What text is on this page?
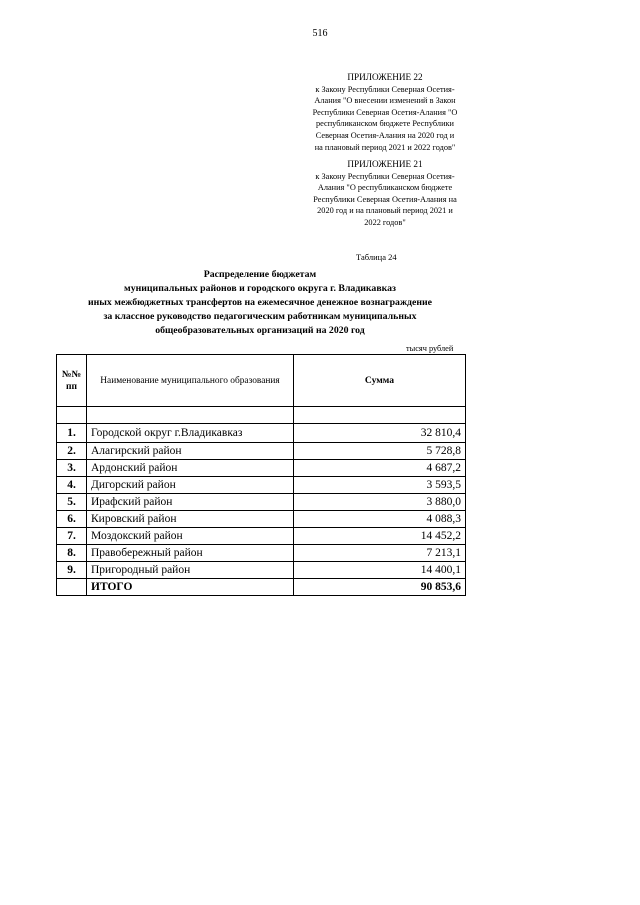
516
ПРИЛОЖЕНИЕ 22
к Закону Республики Северная Осетия-
Алания "О внесении изменений в Закон
Республики Северная Осетия-Алания "О
республиканском бюджете Республики
Северная Осетия-Алания на 2020 год и
на плановый период 2021 и 2022 годов"
ПРИЛОЖЕНИЕ 21
к Закону Республики Северная Осетия-
Алания "О республиканском бюджете
Республики Северная Осетия-Алания на
2020 год и на плановый период 2021 и
2022 годов"
Таблица 24
Распределение бюджетам
муниципальных районов и городского округа г. Владикавказ
иных межбюджетных трансфертов на ежемесячное денежное вознаграждение
за классное руководство педагогическим работникам муниципальных
общеобразовательных организаций на 2020 год
тысяч рублей
№№ пп	Наименование муниципального образования	Сумма

1.	Городской округ г.Владикавказ	32 810,4
2.	Алагирский район	5 728,8
3.	Ардонский район	4 687,2
4.	Дигорский район	3 593,5
5.	Ирафский район	3 880,0
6.	Кировский район	4 088,3
7.	Моздокский район	14 452,2
8.	Правобережный район	7 213,1
9.	Пригородный район	14 400,1
	ИТОГО	90 853,6
